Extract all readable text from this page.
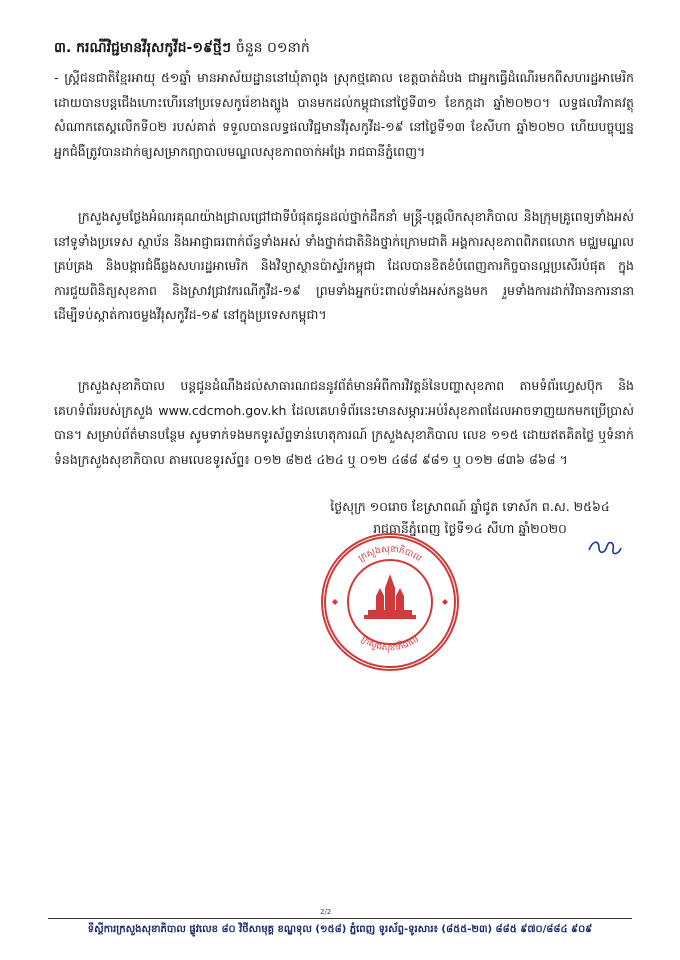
៣. ករណីវិជ្ជមានវីរុសកូវីដ-១៩ថ្មីៗ ចំនួន ០១នាក់

- ស្រ្តីជនជាតិខ្មែរអាយុ ៥១ឆ្នាំ មានអាស័យដ្ឋាននៅឃុំតាពូង ស្រុកថ្មគោល ខេត្តបាត់ដំបង ជាអ្នកធ្វើដំណើរមកពីសហរដ្ឋអាមេរិក ដោយបានបន្តជើងហោះហើរនៅប្រទេសកូរ៉េខាងត្បូង បានមកដល់កម្ពុជានៅថ្ងៃទី៣១ ខែកក្កដា ឆ្នាំ២០២០។ លទ្ធផលវិភាគវត្ថុសំណាកតេស្តលើកទី០២ របស់គាត់ ទទួលបានលទ្ធផលវិជ្ជមានវីរុសកូវីដ-១៩ នៅថ្ងៃទី១៣ ខែសីហា ឆ្នាំ២០២០ ហើយបច្ចុប្បន្ន អ្នកជំងឺត្រូវបានដាក់ឲ្យសម្រាកព្យាបាលមណ្ឌលសុខភាពចាក់អង្រែ រាជធានីភ្នំពេញ។

ក្រសួងសូមថ្លែងអំណរគុណយ៉ាងជ្រាលជ្រៅជាទីបំផុតជូនដល់ថ្នាក់ដឹកនាំ មន្រ្តី-បុគ្គលិកសុខាភិបាល និងក្រុមគ្រូពេទ្យទាំងអស់នៅទូទាំងប្រទេស ស្ថាប័ន និងអាជ្ញាធរពាក់ព័ន្ធទាំងអស់ ទាំងថ្នាក់ជាតិនិងថ្នាក់ក្រោមជាតិ អង្គការសុខភាពពិភពលោក មជ្ឈមណ្ឌលគ្រប់គ្រង និងបង្ការជំងឺឆ្លងសហរដ្ឋអាមេរិក និងវិទ្យាស្ថានប៉ាស្ទ័រកម្ពុជា ដែលបានខិតខំបំពេញភារកិច្ចបានល្អប្រសើរបំផុត ក្នុងការជួយពិនិត្យសុខភាព និងស្រាវជ្រាវករណីកូវីដ-១៩ ព្រមទាំងអ្នកប៉ះពាល់ទាំងអស់កន្លងមក រួមទាំងការដាក់វិធានការនានា ដើម្បីទប់ស្កាត់ការចម្លងវីរុសកូវីដ-១៩ នៅក្នុងប្រទេសកម្ពុជា។

ក្រសួងសុខាភិបាល បន្តជូនដំណឹងដល់សាធារណជននូវព័ត៌មានអំពីការវិវត្តន៍នៃបញ្ហាសុខភាព តាមទំព័រហ្វេសប៊ុក និងគេហទំព័ររបស់ក្រសួង www.cdcmoh.gov.kh ដែលគេហទំព័រនេះមានសម្ភារៈអប់រំសុខភាពដែលអាចទាញយកមកប្រើប្រាស់បាន។ សម្រាប់ព័ត៌មានបន្ថែម សូមទាក់ទងមកទូរស័ព្ទទាន់ហេតុការណ៍ ក្រសួងសុខាភិបាល លេខ ១១៥ ដោយឥតគិតថ្លៃ ឬទំនាក់ទំនងក្រសួងសុខាភិបាល តាមលេខទូរស័ព្ទ៖ ០១២ ៨២៥ ៤២៤ ឬ ០១២ ៤៨៨ ៩៨១ ឬ ០១២ ៨៣៦ ៨៦៨ ។

ថ្ងៃសុក្រ ១០រោច ខែស្រាពណ៍ ឆ្នាំជូត ទោស័ក ព.ស. ២៥៦៤
រាជធានីភ្នំពេញ ថ្ងៃទី១៤ សីហា ឆ្នាំ២០២០
ក្រសួងសុខាភិបាល
ក្រសួងសុខាភិបាល
2/2
ទីស្តីការក្រសួងសុខាភិបាល ផ្លូវលេខ ៨០ វិថីសាមុគ្គ ខណ្ឌទុល (១៥៨) ភ្នំពេញ ទូរស័ព្ទ-ទូរសារ៖ (៨៥៥-២៣) ៨៨៥ ៩៧០/៨៨៤ ៩០៩
